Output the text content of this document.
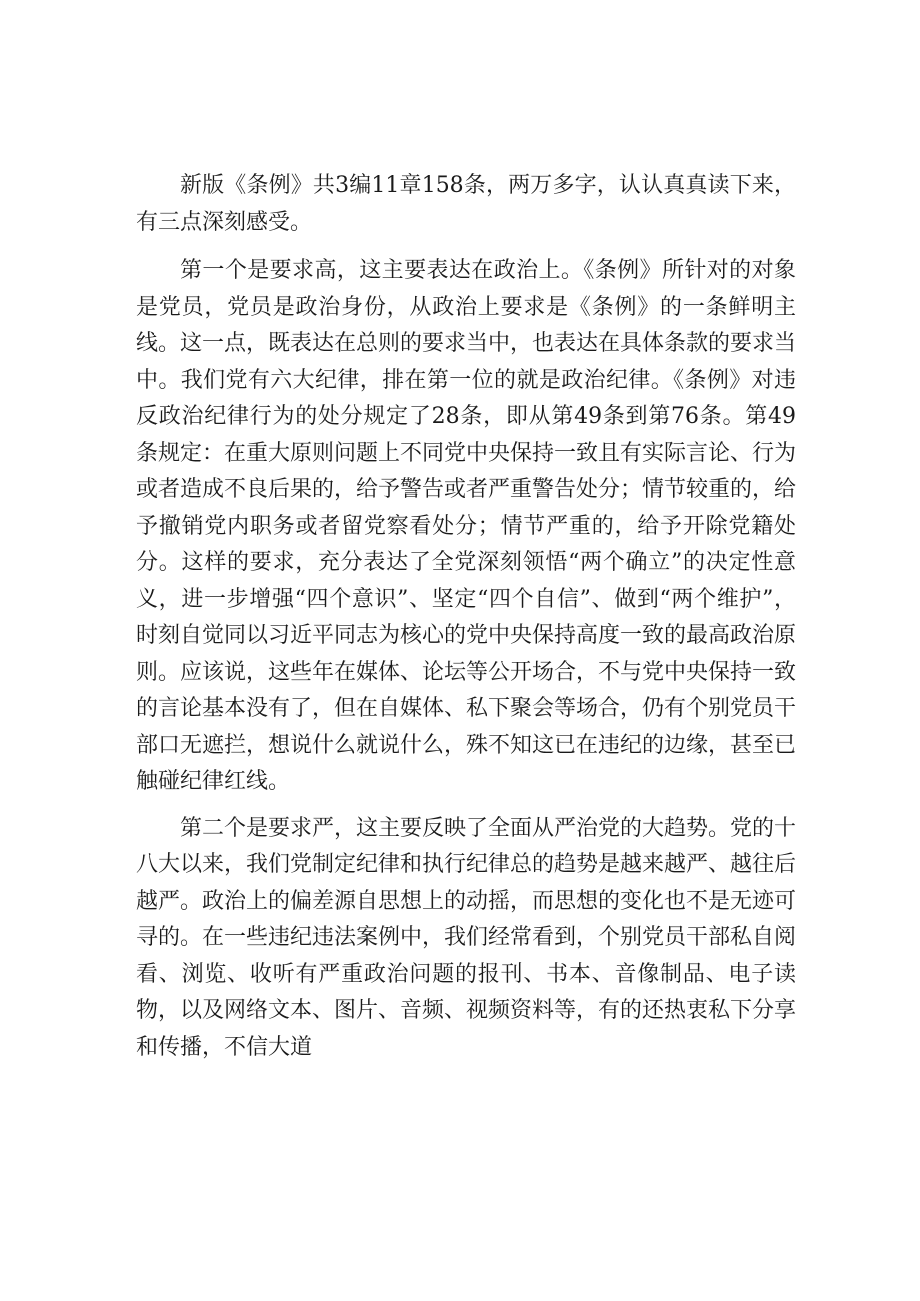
新版《条例》共3编11章158条，两万多字，认认真真读下来，有三点深刻感受。

第一个是要求高，这主要表达在政治上。《条例》所针对的对象是党员，党员是政治身份，从政治上要求是《条例》的一条鲜明主线。这一点，既表达在总则的要求当中，也表达在具体条款的要求当中。我们党有六大纪律，排在第一位的就是政治纪律。《条例》对违反政治纪律行为的处分规定了28条，即从第49条到第76条。第49条规定：在重大原则问题上不同党中央保持一致且有实际言论、行为或者造成不良后果的，给予警告或者严重警告处分；情节较重的，给予撤销党内职务或者留党察看处分；情节严重的，给予开除党籍处分。这样的要求，充分表达了全党深刻领悟“两个确立”的决定性意义，进一步增强“四个意识”、坚定“四个自信”、做到“两个维护”，时刻自觉同以习近平同志为核心的党中央保持高度一致的最高政治原则。应该说，这些年在媒体、论坛等公开场合，不与党中央保持一致的言论基本没有了，但在自媒体、私下聚会等场合，仍有个别党员干部口无遮拦，想说什么就说什么，殊不知这已在违纪的边缘，甚至已触碰纪律红线。

第二个是要求严，这主要反映了全面从严治党的大趋势。党的十八大以来，我们党制定纪律和执行纪律总的趋势是越来越严、越往后越严。政治上的偏差源自思想上的动摇，而思想的变化也不是无迹可寻的。在一些违纪违法案例中，我们经常看到，个别党员干部私自阅看、浏览、收听有严重政治问题的报刊、书本、音像制品、电子读物，以及网络文本、图片、音频、视频资料等，有的还热衷私下分享和传播，不信大道
